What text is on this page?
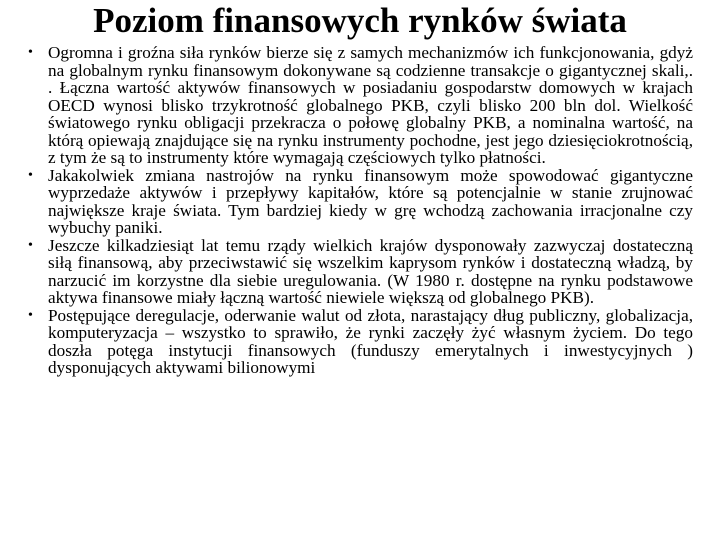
Poziom finansowych rynków świata
• Ogromna i groźna siła rynków bierze się z samych mechanizmów ich funkcjonowania, gdyż na globalnym rynku finansowym dokonywane są codzienne transakcje o gigantycznej skali,. . Łączna wartość aktywów finansowych w posiadaniu gospodarstw domowych w krajach OECD wynosi blisko trzykrotność globalnego PKB, czyli blisko 200 bln dol. Wielkość światowego rynku obligacji przekracza o połowę globalny PKB, a nominalna wartość, na którą opiewają znajdujące się na rynku instrumenty pochodne, jest jego dziesięciokrotnością, z tym że są to instrumenty które wymagają częściowych tylko płatności.
• Jakakolwiek zmiana nastrojów na rynku finansowym może spowodować gigantyczne wyprzedaże aktywów i przepływy kapitałów, które są potencjalnie w stanie zrujnować największe kraje świata. Tym bardziej kiedy w grę wchodzą zachowania irracjonalne czy wybuchy paniki.
• Jeszcze kilkadziesiąt lat temu rządy wielkich krajów dysponowały zazwyczaj dostateczną siłą finansową, aby przeciwstawić się wszelkim kaprysom rynków i dostateczną władzą, by narzucić im korzystne dla siebie uregulowania. (W 1980 r. dostępne na rynku podstawowe aktywa finansowe miały łączną wartość niewiele większą od globalnego PKB).
• Postępujące deregulacje, oderwanie walut od złota, narastający dług publiczny, globalizacja, komputeryzacja – wszystko to sprawiło, że rynki zaczęły żyć własnym życiem. Do tego doszła potęga instytucji finansowych (funduszy emerytalnych i inwestycyjnych ) dysponujących aktywami bilionowymi
